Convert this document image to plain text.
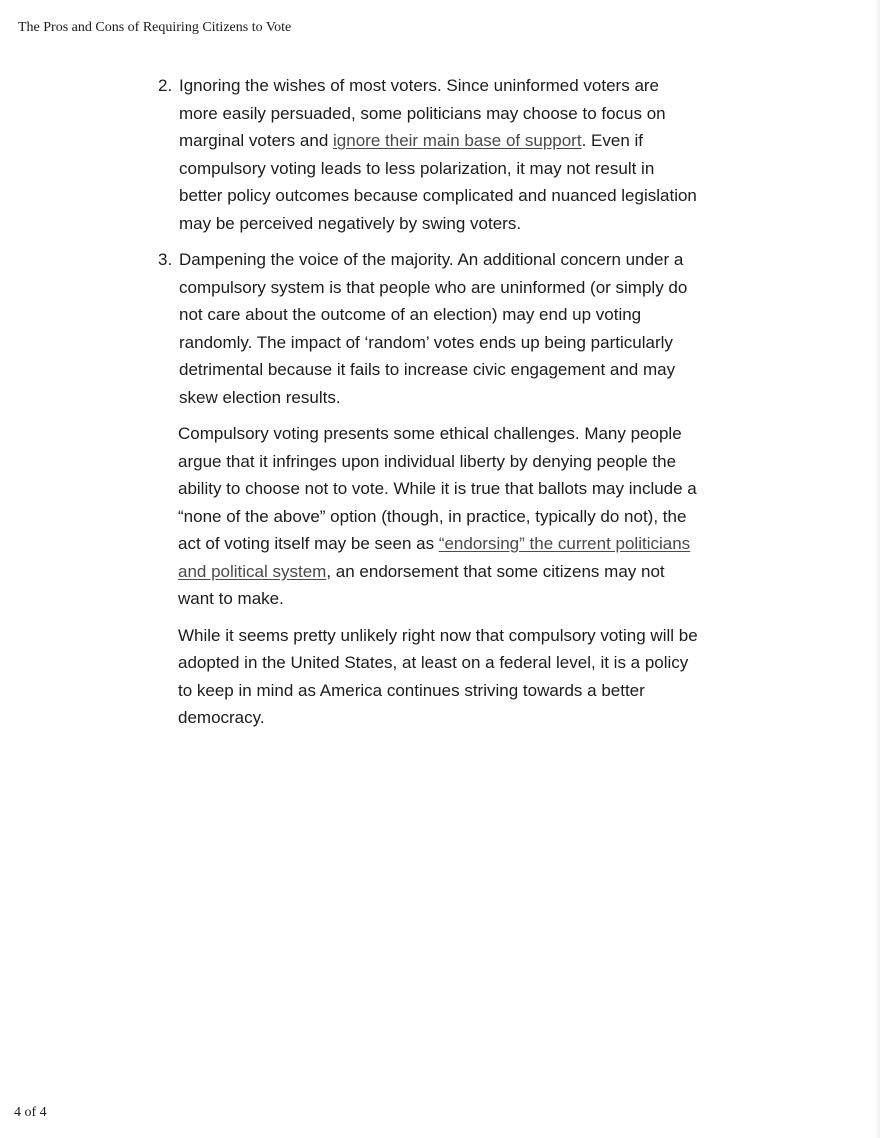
The Pros and Cons of Requiring Citizens to Vote
2. Ignoring the wishes of most voters. Since uninformed voters are more easily persuaded, some politicians may choose to focus on marginal voters and ignore their main base of support. Even if compulsory voting leads to less polarization, it may not result in better policy outcomes because complicated and nuanced legislation may be perceived negatively by swing voters.
3. Dampening the voice of the majority. An additional concern under a compulsory system is that people who are uninformed (or simply do not care about the outcome of an election) may end up voting randomly. The impact of ‘random’ votes ends up being particularly detrimental because it fails to increase civic engagement and may skew election results.

Compulsory voting presents some ethical challenges. Many people argue that it infringes upon individual liberty by denying people the ability to choose not to vote. While it is true that ballots may include a “none of the above” option (though, in practice, typically do not), the act of voting itself may be seen as “endorsing” the current politicians and political system, an endorsement that some citizens may not want to make.

While it seems pretty unlikely right now that compulsory voting will be adopted in the United States, at least on a federal level, it is a policy to keep in mind as America continues striving towards a better democracy.

4 of 4
